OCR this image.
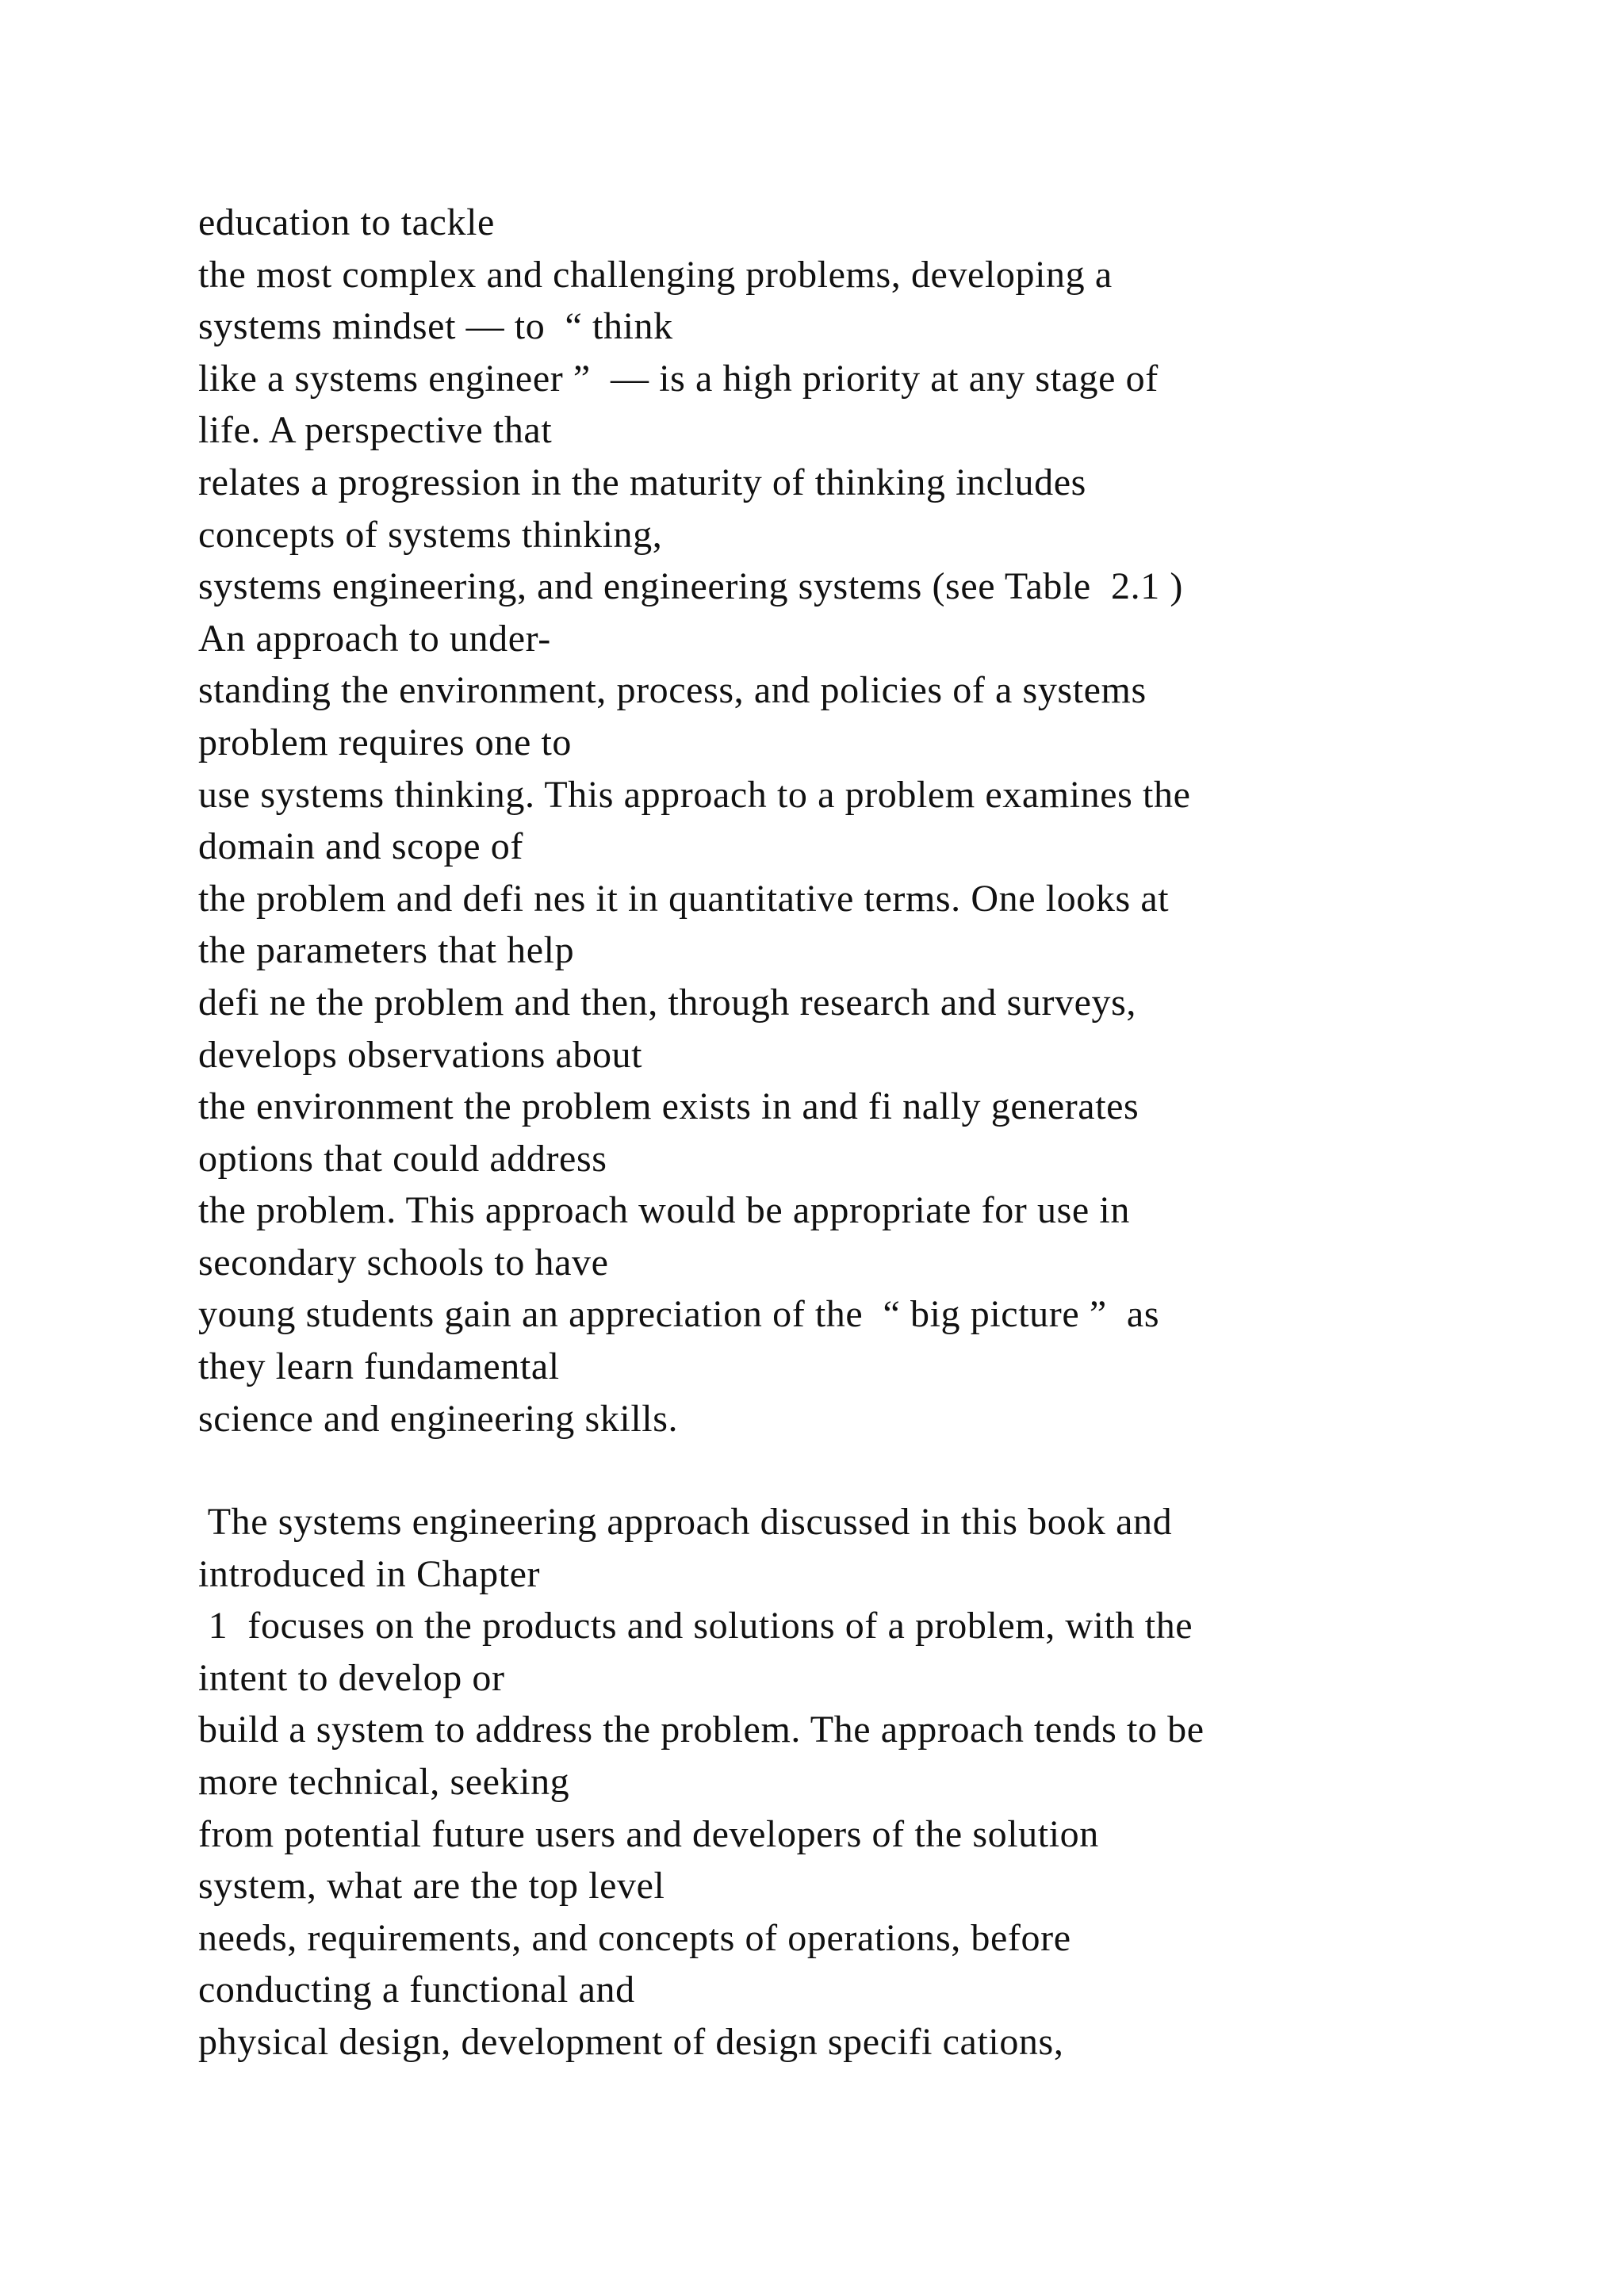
education to tackle
the most complex and challenging problems, developing a
systems mindset — to  “ think
like a systems engineer ”  — is a high priority at any stage of
life. A perspective that
relates a progression in the maturity of thinking includes
concepts of systems thinking,
systems engineering, and engineering systems (see Table  2.1 )
An approach to under-
standing the environment, process, and policies of a systems
problem requires one to
use systems thinking. This approach to a problem examines the
domain and scope of
the problem and defi nes it in quantitative terms. One looks at
the parameters that help
defi ne the problem and then, through research and surveys,
develops observations about
the environment the problem exists in and fi nally generates
options that could address
the problem. This approach would be appropriate for use in
secondary schools to have
young students gain an appreciation of the  “ big picture ”  as
they learn fundamental
science and engineering skills.
The systems engineering approach discussed in this book and
introduced in Chapter
1  focuses on the products and solutions of a problem, with the
intent to develop or
build a system to address the problem. The approach tends to be
more technical, seeking
from potential future users and developers of the solution
system, what are the top level
needs, requirements, and concepts of operations, before
conducting a functional and
physical design, development of design specifi cations,
